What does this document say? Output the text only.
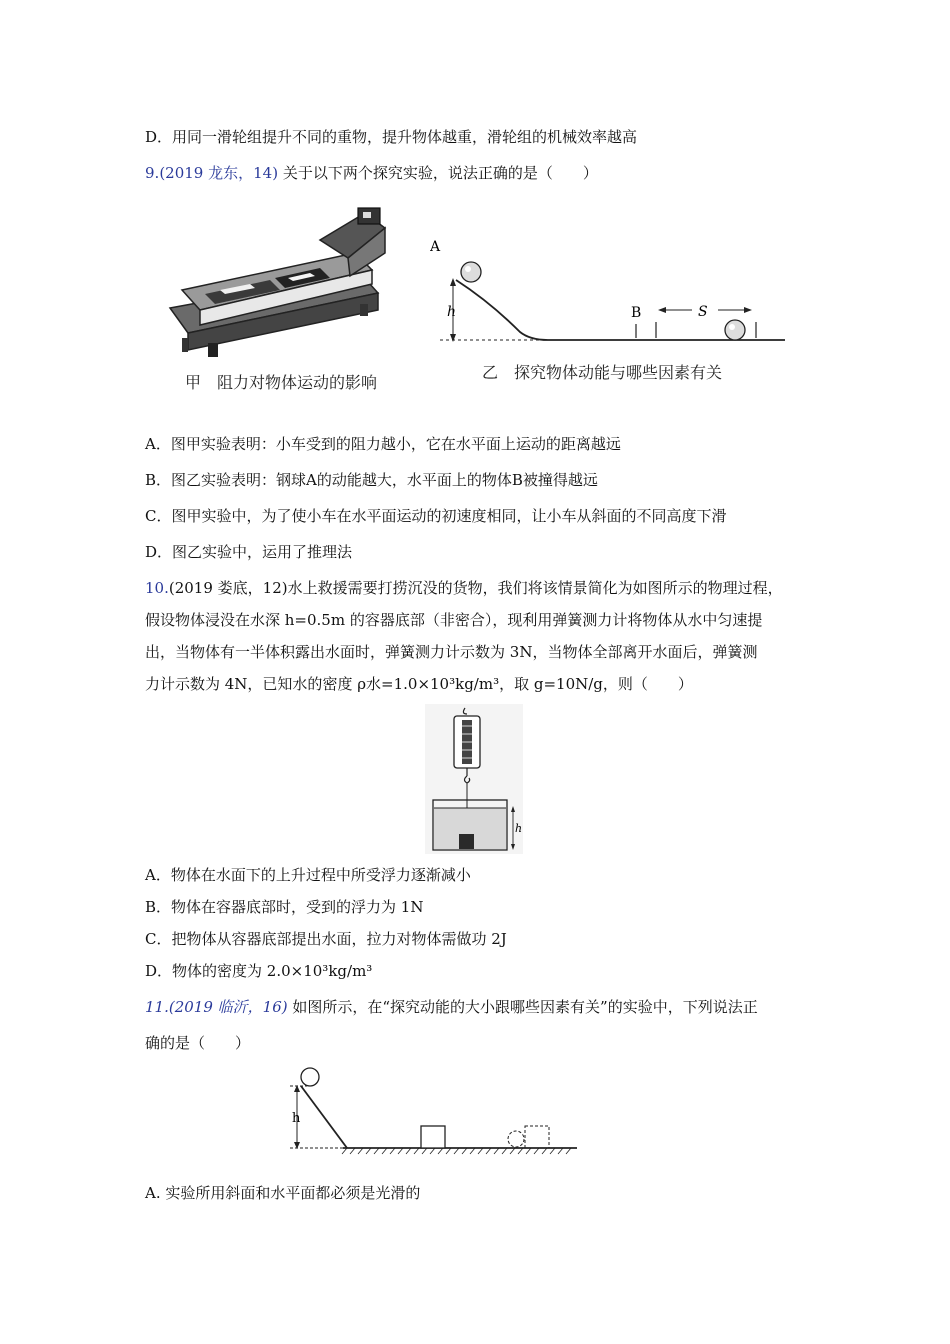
D．用同一滑轮组提升不同的重物，提升物体越重，滑轮组的机械效率越高
9.(2019 龙东，14) 关于以下两个探究实验，说法正确的是（　　）
甲　阻力对物体运动的影响
A
h	B	S
乙　探究物体动能与哪些因素有关
A．图甲实验表明：小车受到的阻力越小，它在水平面上运动的距离越远
B．图乙实验表明：钢球A的动能越大，水平面上的物体B被撞得越远
C．图甲实验中，为了使小车在水平面运动的初速度相同，让小车从斜面的不同高度下滑
D．图乙实验中，运用了推理法
10.(2019 娄底，12)水上救援需要打捞沉没的货物，我们将该情景简化为如图所示的物理过程，
假设物体浸没在水深 h=0.5m 的容器底部（非密合），现利用弹簧测力计将物体从水中匀速提
出，当物体有一半体积露出水面时，弹簧测力计示数为 3N，当物体全部离开水面后，弹簧测
力计示数为 4N，已知水的密度 ρ水=1.0×10³kg/m³，取 g=10N/g，则（　　）
h
A．物体在水面下的上升过程中所受浮力逐渐减小
B．物体在容器底部时，受到的浮力为 1N
C．把物体从容器底部提出水面，拉力对物体需做功 2J
D．物体的密度为 2.0×10³kg/m³
11.(2019 临沂，16) 如图所示，在“探究动能的大小跟哪些因素有关”的实验中，下列说法正
确的是（　　）
h
A. 实验所用斜面和水平面都必须是光滑的
